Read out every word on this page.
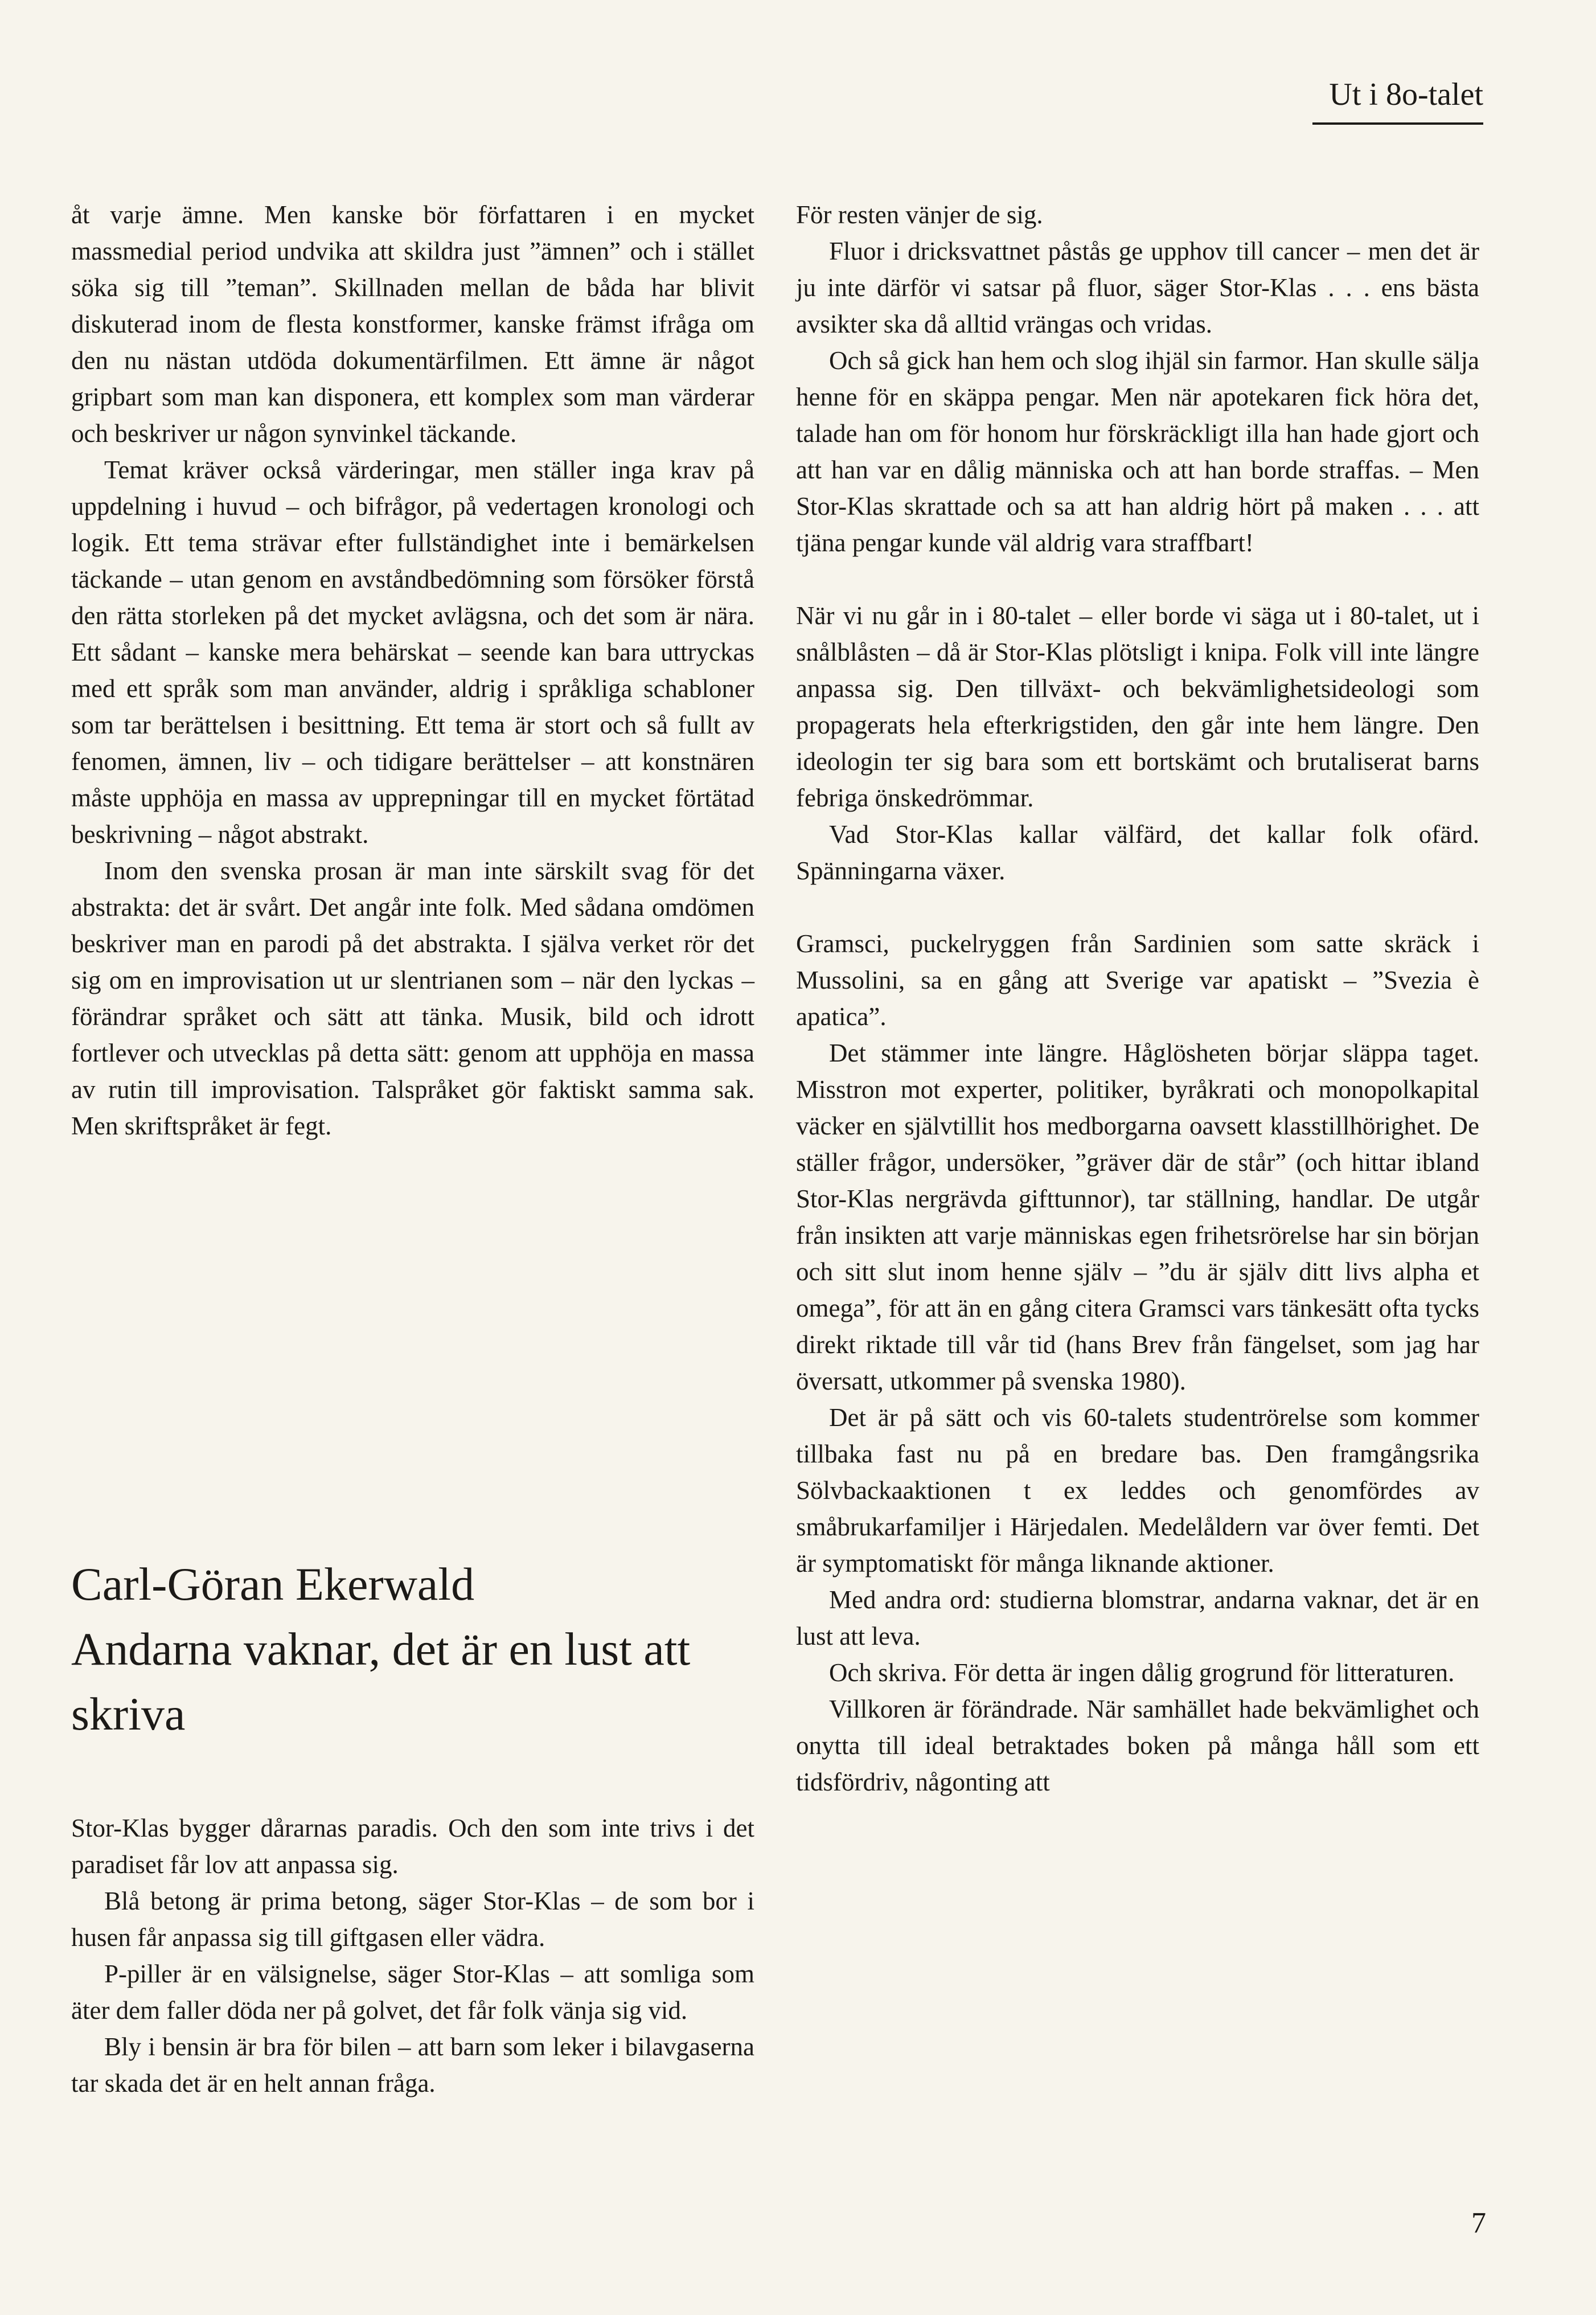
Ut i 8o-talet

åt varje ämne. Men kanske bör författaren i en mycket massmedial period undvika att skildra just ”ämnen” och i stället söka sig till ”teman”. Skillnaden mellan de båda har blivit diskuterad inom de flesta konstformer, kanske främst ifråga om den nu nästan utdöda dokumentärfilmen. Ett ämne är något gripbart som man kan disponera, ett komplex som man värderar och beskriver ur någon synvinkel täckande.

Temat kräver också värderingar, men ställer inga krav på uppdelning i huvud – och bifrågor, på vedertagen kronologi och logik. Ett tema strävar efter fullständighet inte i bemärkelsen täckande – utan genom en avståndbedömning som försöker förstå den rätta storleken på det mycket avlägsna, och det som är nära. Ett sådant – kanske mera behärskat – seende kan bara uttryckas med ett språk som man använder, aldrig i språkliga schabloner som tar berättelsen i besittning. Ett tema är stort och så fullt av fenomen, ämnen, liv – och tidigare berättelser – att konstnären måste upphöja en massa av upprepningar till en mycket förtätad beskrivning – något abstrakt.

Inom den svenska prosan är man inte särskilt svag för det abstrakta: det är svårt. Det angår inte folk. Med sådana omdömen beskriver man en parodi på det abstrakta. I själva verket rör det sig om en improvisation ut ur slentrianen som – när den lyckas – förändrar språket och sätt att tänka. Musik, bild och idrott fortlever och utvecklas på detta sätt: genom att upphöja en massa av rutin till improvisation. Talspråket gör faktiskt samma sak. Men skriftspråket är fegt.

Carl-Göran Ekerwald
Andarna vaknar, det är en lust att skriva

Stor-Klas bygger dårarnas paradis. Och den som inte trivs i det paradiset får lov att anpassa sig.

Blå betong är prima betong, säger Stor-Klas – de som bor i husen får anpassa sig till giftgasen eller vädra.

P-piller är en välsignelse, säger Stor-Klas – att somliga som äter dem faller döda ner på golvet, det får folk vänja sig vid.

Bly i bensin är bra för bilen – att barn som leker i bilavgaserna tar skada det är en helt annan fråga.

För resten vänjer de sig.

Fluor i dricksvattnet påstås ge upphov till cancer – men det är ju inte därför vi satsar på fluor, säger Stor-Klas . . . ens bästa avsikter ska då alltid vrängas och vridas.

Och så gick han hem och slog ihjäl sin farmor. Han skulle sälja henne för en skäppa pengar. Men när apotekaren fick höra det, talade han om för honom hur förskräckligt illa han hade gjort och att han var en dålig människa och att han borde straffas. – Men Stor-Klas skrattade och sa att han aldrig hört på maken . . . att tjäna pengar kunde väl aldrig vara straffbart!

När vi nu går in i 80-talet – eller borde vi säga ut i 80-talet, ut i snålblåsten – då är Stor-Klas plötsligt i knipa. Folk vill inte längre anpassa sig. Den tillväxt- och bekvämlighetsideologi som propagerats hela efterkrigstiden, den går inte hem längre. Den ideologin ter sig bara som ett bortskämt och brutaliserat barns febriga önskedrömmar.

Vad Stor-Klas kallar välfärd, det kallar folk ofärd. Spänningarna växer.

Gramsci, puckelryggen från Sardinien som satte skräck i Mussolini, sa en gång att Sverige var apatiskt – ”Svezia è apatica”.

Det stämmer inte längre. Håglösheten börjar släppa taget. Misstron mot experter, politiker, byråkrati och monopolkapital väcker en självtillit hos medborgarna oavsett klasstillhörighet. De ställer frågor, undersöker, ”gräver där de står” (och hittar ibland Stor-Klas nergrävda gifttunnor), tar ställning, handlar. De utgår från insikten att varje människas egen frihetsrörelse har sin början och sitt slut inom henne själv – ”du är själv ditt livs alpha et omega”, för att än en gång citera Gramsci vars tänkesätt ofta tycks direkt riktade till vår tid (hans Brev från fängelset, som jag har översatt, utkommer på svenska 1980).

Det är på sätt och vis 60-talets studentrörelse som kommer tillbaka fast nu på en bredare bas. Den framgångsrika Sölvbackaaktionen t ex leddes och genomfördes av småbrukarfamiljer i Härjedalen. Medelåldern var över femti. Det är symptomatiskt för många liknande aktioner.

Med andra ord: studierna blomstrar, andarna vaknar, det är en lust att leva.

Och skriva. För detta är ingen dålig grogrund för litteraturen.

Villkoren är förändrade. När samhället hade bekvämlighet och onytta till ideal betraktades boken på många håll som ett tidsfördriv, någonting att

7
